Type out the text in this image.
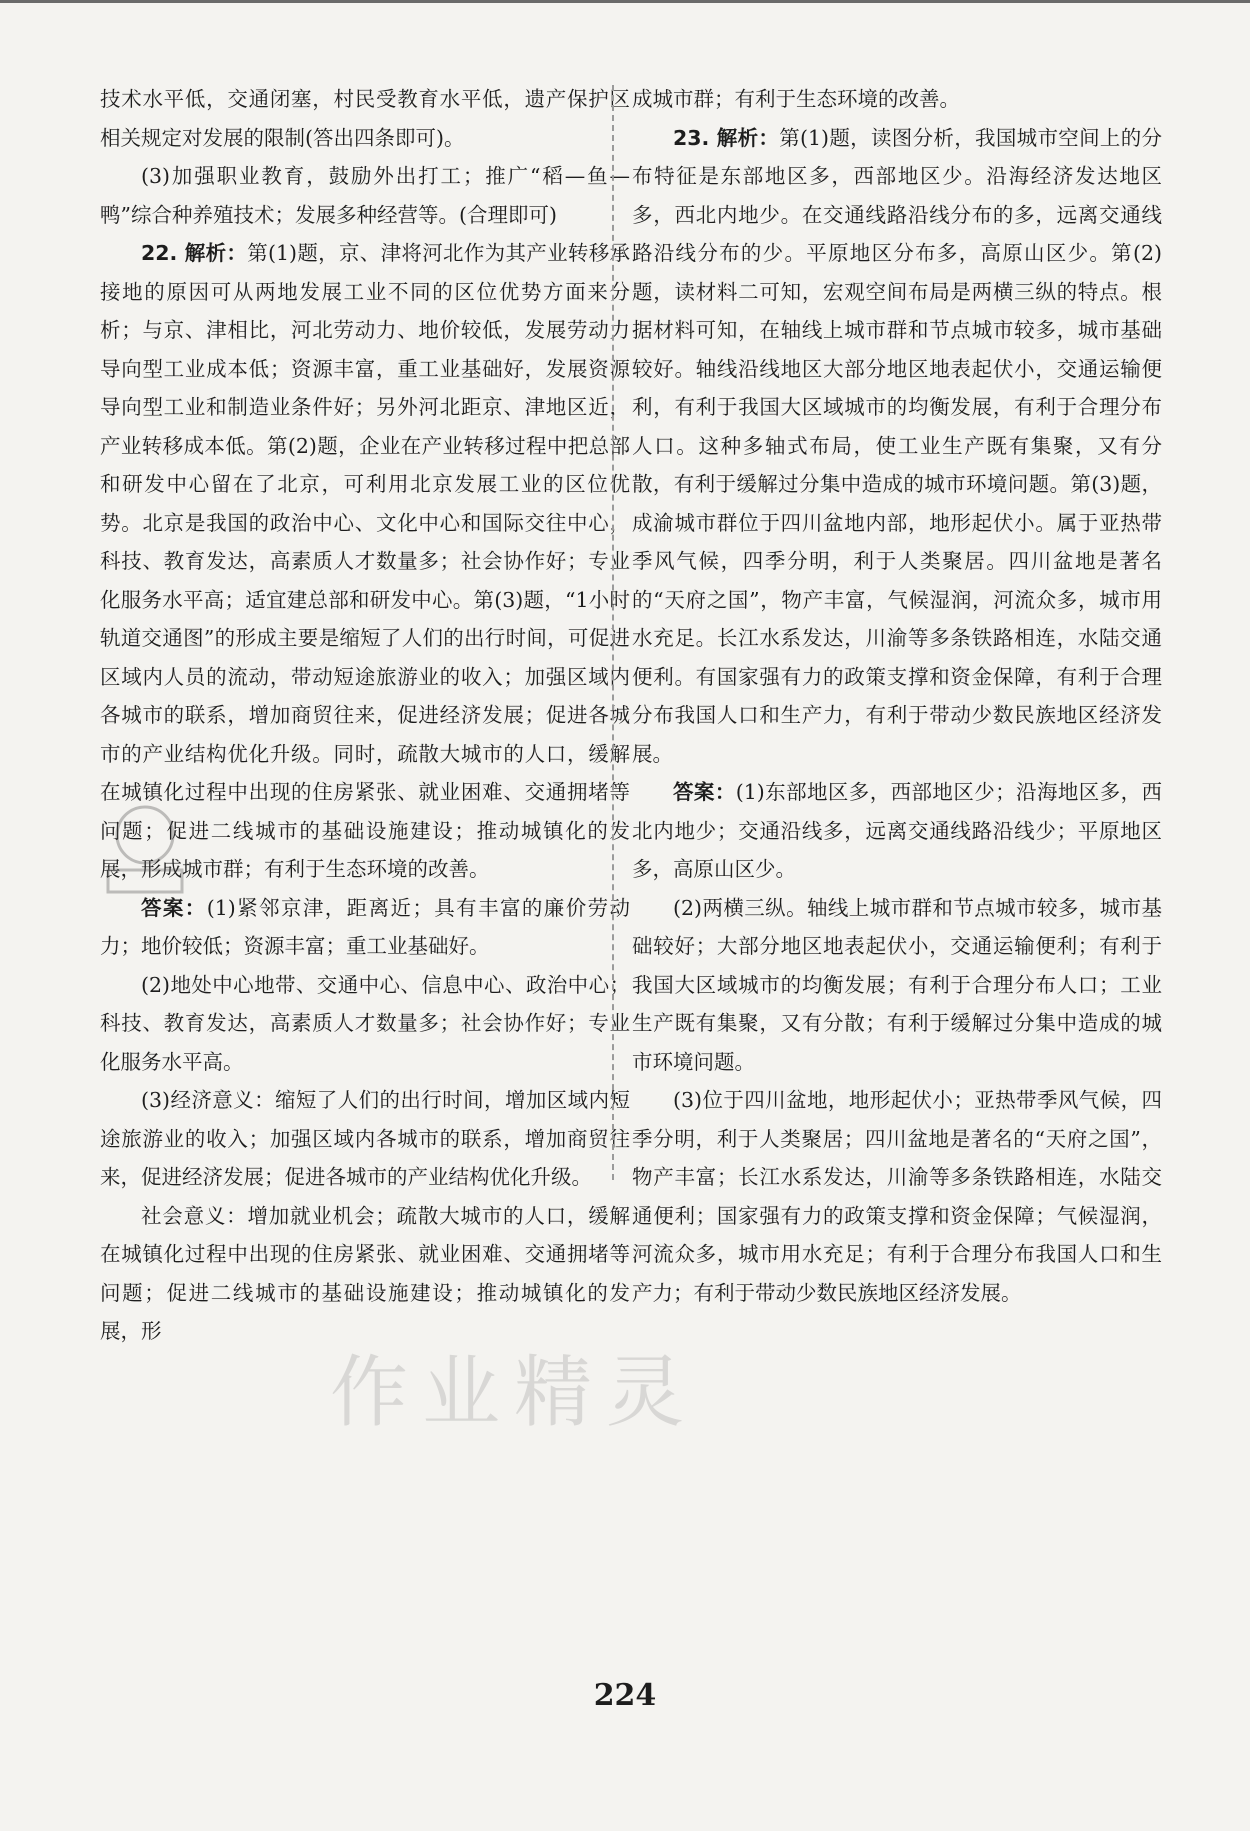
技术水平低，交通闭塞，村民受教育水平低，遗产保护区相关规定对发展的限制(答出四条即可)。

(3)加强职业教育，鼓励外出打工；推广“稻—鱼—鸭”综合种养殖技术；发展多种经营等。(合理即可)

22. 解析：第(1)题，京、津将河北作为其产业转移承接地的原因可从两地发展工业不同的区位优势方面来分析；与京、津相比，河北劳动力、地价较低，发展劳动力导向型工业成本低；资源丰富，重工业基础好，发展资源导向型工业和制造业条件好；另外河北距京、津地区近，产业转移成本低。第(2)题，企业在产业转移过程中把总部和研发中心留在了北京，可利用北京发展工业的区位优势。北京是我国的政治中心、文化中心和国际交往中心，科技、教育发达，高素质人才数量多；社会协作好；专业化服务水平高；适宜建总部和研发中心。第(3)题，“1小时轨道交通图”的形成主要是缩短了人们的出行时间，可促进区域内人员的流动，带动短途旅游业的收入；加强区域内各城市的联系，增加商贸往来，促进经济发展；促进各城市的产业结构优化升级。同时，疏散大城市的人口，缓解在城镇化过程中出现的住房紧张、就业困难、交通拥堵等问题；促进二线城市的基础设施建设；推动城镇化的发展，形成城市群；有利于生态环境的改善。

答案：(1)紧邻京津，距离近；具有丰富的廉价劳动力；地价较低；资源丰富；重工业基础好。

(2)地处中心地带、交通中心、信息中心、政治中心；科技、教育发达，高素质人才数量多；社会协作好；专业化服务水平高。

(3)经济意义：缩短了人们的出行时间，增加区域内短途旅游业的收入；加强区域内各城市的联系，增加商贸往来，促进经济发展；促进各城市的产业结构优化升级。

社会意义：增加就业机会；疏散大城市的人口，缓解在城镇化过程中出现的住房紧张、就业困难、交通拥堵等问题；促进二线城市的基础设施建设；推动城镇化的发展，形

成城市群；有利于生态环境的改善。

23. 解析：第(1)题，读图分析，我国城市空间上的分布特征是东部地区多，西部地区少。沿海经济发达地区多，西北内地少。在交通线路沿线分布的多，远离交通线路沿线分布的少。平原地区分布多，高原山区少。第(2)题，读材料二可知，宏观空间布局是两横三纵的特点。根据材料可知，在轴线上城市群和节点城市较多，城市基础较好。轴线沿线地区大部分地区地表起伏小，交通运输便利，有利于我国大区域城市的均衡发展，有利于合理分布人口。这种多轴式布局，使工业生产既有集聚，又有分散，有利于缓解过分集中造成的城市环境问题。第(3)题，成渝城市群位于四川盆地内部，地形起伏小。属于亚热带季风气候，四季分明，利于人类聚居。四川盆地是著名的“天府之国”，物产丰富，气候湿润，河流众多，城市用水充足。长江水系发达，川渝等多条铁路相连，水陆交通便利。有国家强有力的政策支撑和资金保障，有利于合理分布我国人口和生产力，有利于带动少数民族地区经济发展。

答案：(1)东部地区多，西部地区少；沿海地区多，西北内地少；交通沿线多，远离交通线路沿线少；平原地区多，高原山区少。

(2)两横三纵。轴线上城市群和节点城市较多，城市基础较好；大部分地区地表起伏小，交通运输便利；有利于我国大区域城市的均衡发展；有利于合理分布人口；工业生产既有集聚，又有分散；有利于缓解过分集中造成的城市环境问题。

(3)位于四川盆地，地形起伏小；亚热带季风气候，四季分明，利于人类聚居；四川盆地是著名的“天府之国”，物产丰富；长江水系发达，川渝等多条铁路相连，水陆交通便利；国家强有力的政策支撑和资金保障；气候湿润，河流众多，城市用水充足；有利于合理分布我国人口和生产力；有利于带动少数民族地区经济发展。

作业精灵
224
